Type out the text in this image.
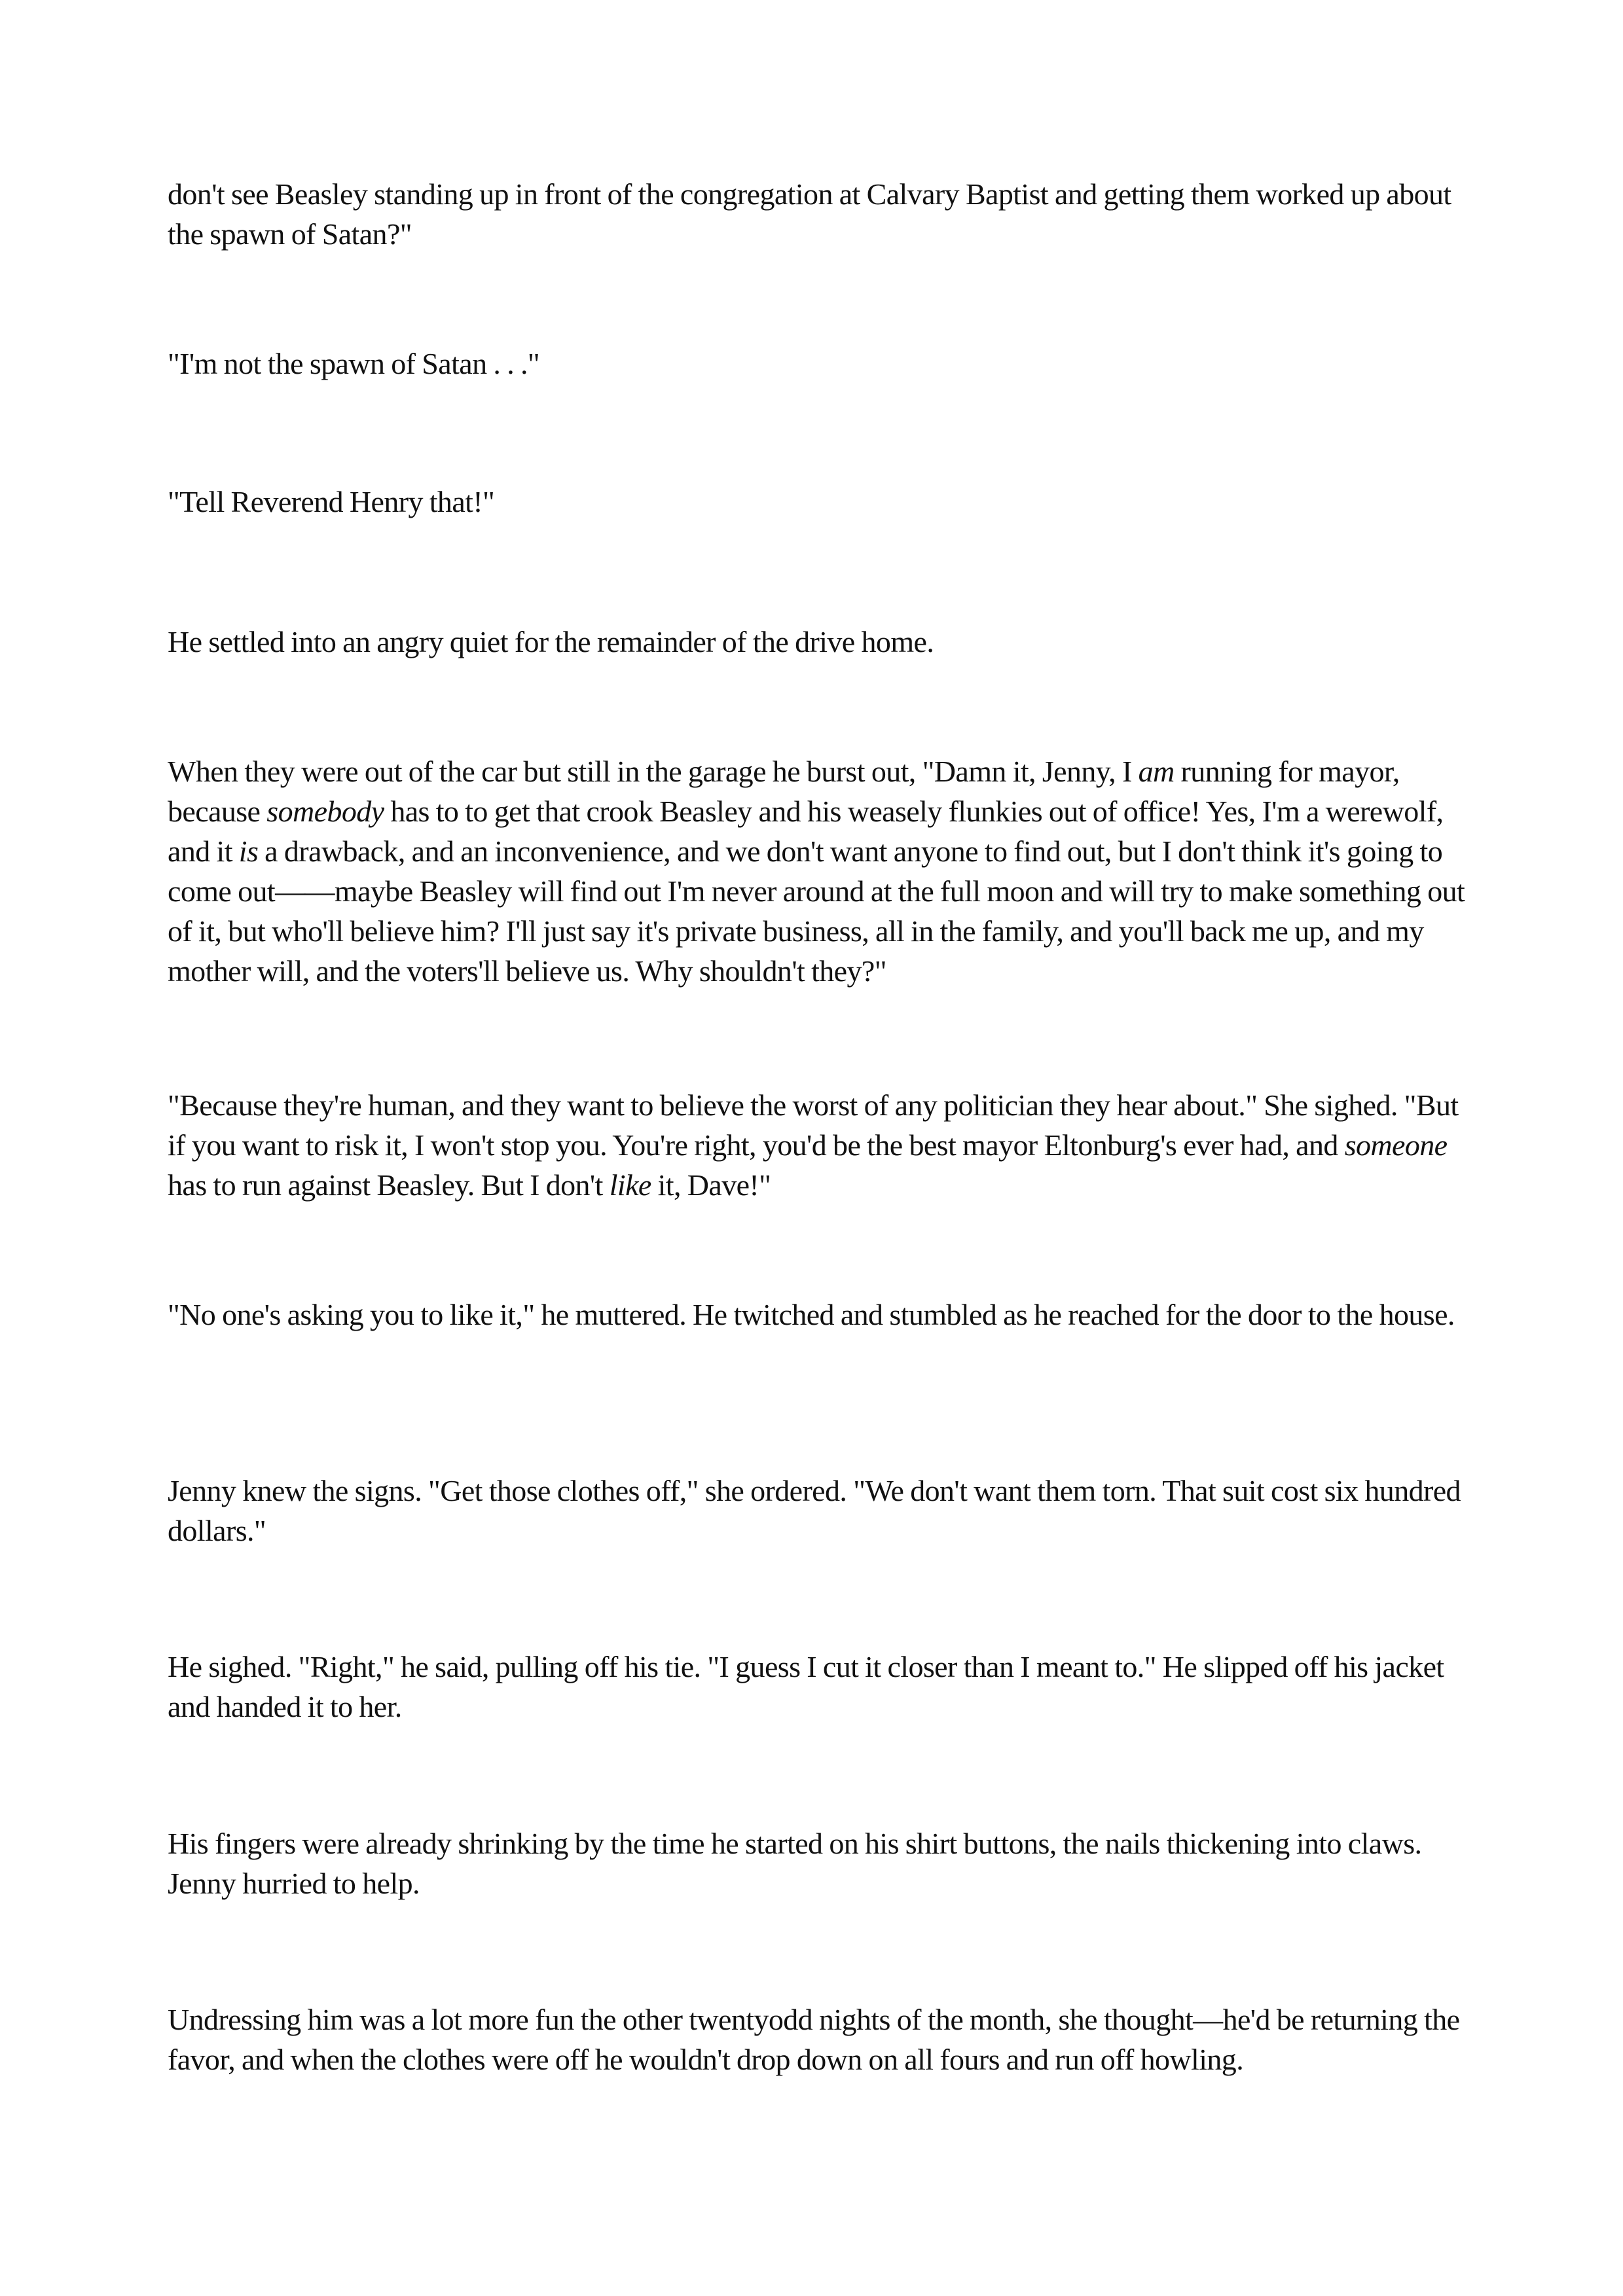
don't see Beasley standing up in front of the congregation at Calvary Baptist and getting them worked up about the spawn of Satan?"

"I'm not the spawn of Satan . . ."

"Tell Reverend Henry that!"

He settled into an angry quiet for the remainder of the drive home.

When they were out of the car but still in the garage he burst out, "Damn it, Jenny, I am running for mayor, because somebody has to to get that crook Beasley and his weasely flunkies out of office! Yes, I'm a werewolf, and it is a drawback, and an inconvenience, and we don't want anyone to find out, but I don't think it's going to come out——maybe Beasley will find out I'm never around at the full moon and will try to make something out of it, but who'll believe him? I'll just say it's private business, all in the family, and you'll back me up, and my mother will, and the voters'll believe us. Why shouldn't they?"

"Because they're human, and they want to believe the worst of any politician they hear about." She sighed. "But if you want to risk it, I won't stop you. You're right, you'd be the best mayor Eltonburg's ever had, and someone has to run against Beasley. But I don't like it, Dave!"

"No one's asking you to like it," he muttered. He twitched and stumbled as he reached for the door to the house.

Jenny knew the signs. "Get those clothes off," she ordered. "We don't want them torn. That suit cost six hundred dollars."

He sighed. "Right," he said, pulling off his tie. "I guess I cut it closer than I meant to." He slipped off his jacket and handed it to her.

His fingers were already shrinking by the time he started on his shirt buttons, the nails thickening into claws. Jenny hurried to help.

Undressing him was a lot more fun the other twentyodd nights of the month, she thought—he'd be returning the favor, and when the clothes were off he wouldn't drop down on all fours and run off howling.
